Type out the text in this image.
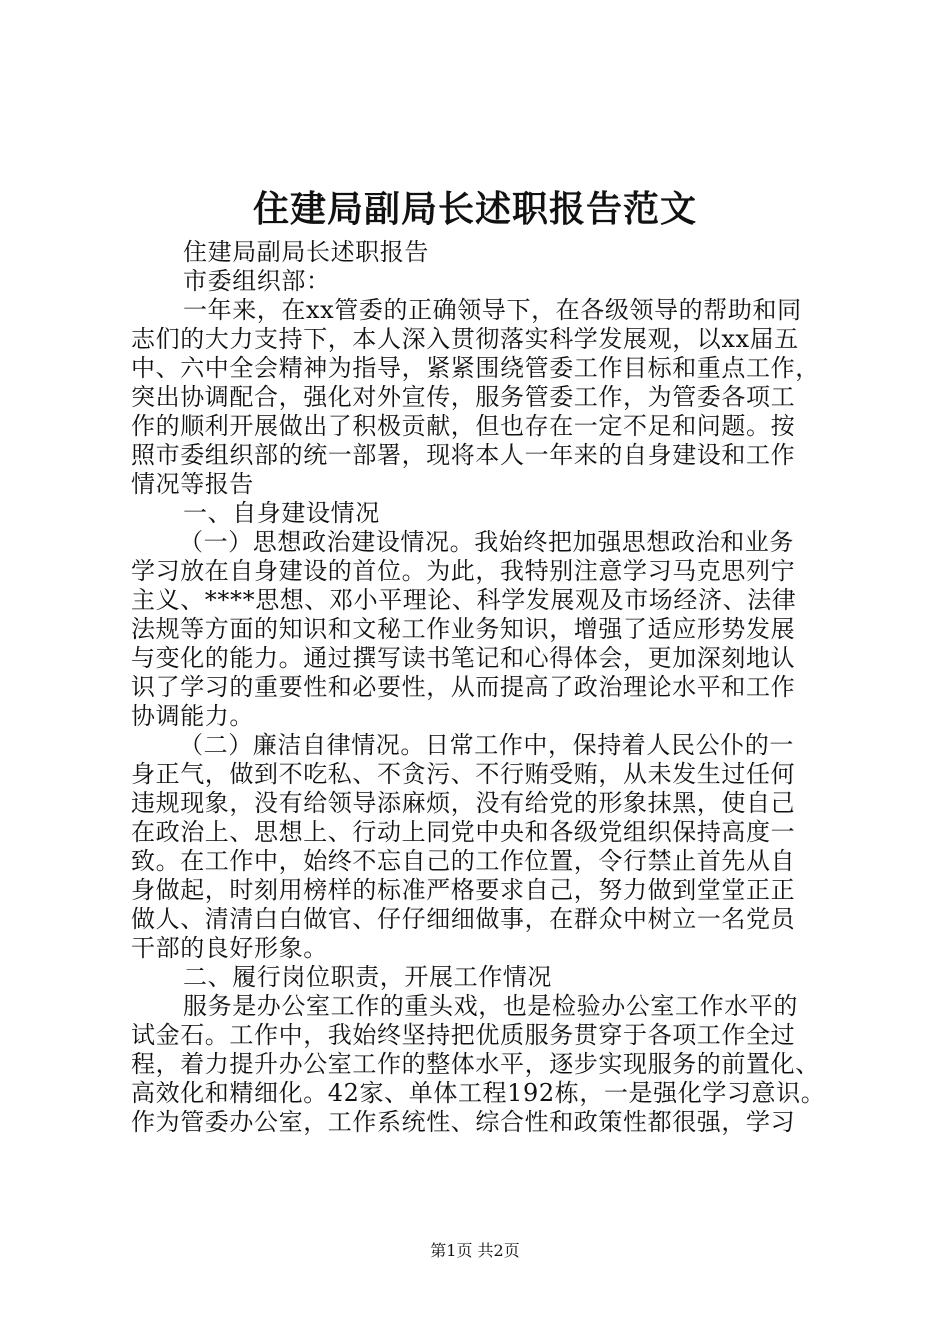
住建局副局长述职报告范文
住建局副局长述职报告
市委组织部：
一年来，在xx管委的正确领导下，在各级领导的帮助和同
志们的大力支持下，本人深入贯彻落实科学发展观，以xx届五
中、六中全会精神为指导，紧紧围绕管委工作目标和重点工作，
突出协调配合，强化对外宣传，服务管委工作，为管委各项工
作的顺利开展做出了积极贡献，但也存在一定不足和问题。按
照市委组织部的统一部署，现将本人一年来的自身建设和工作
情况等报告
一、自身建设情况
（一）思想政治建设情况。我始终把加强思想政治和业务
学习放在自身建设的首位。为此，我特别注意学习马克思列宁
主义、****思想、邓小平理论、科学发展观及市场经济、法律
法规等方面的知识和文秘工作业务知识，增强了适应形势发展
与变化的能力。通过撰写读书笔记和心得体会，更加深刻地认
识了学习的重要性和必要性，从而提高了政治理论水平和工作
协调能力。
（二）廉洁自律情况。日常工作中，保持着人民公仆的一
身正气，做到不吃私、不贪污、不行贿受贿，从未发生过任何
违规现象，没有给领导添麻烦，没有给党的形象抹黑，使自己
在政治上、思想上、行动上同党中央和各级党组织保持高度一
致。在工作中，始终不忘自己的工作位置，令行禁止首先从自
身做起，时刻用榜样的标准严格要求自己，努力做到堂堂正正
做人、清清白白做官、仔仔细细做事，在群众中树立一名党员
干部的良好形象。
二、履行岗位职责，开展工作情况
服务是办公室工作的重头戏，也是检验办公室工作水平的
试金石。工作中，我始终坚持把优质服务贯穿于各项工作全过
程，着力提升办公室工作的整体水平，逐步实现服务的前置化、
高效化和精细化。42家、单体工程192栋，一是强化学习意识。
作为管委办公室，工作系统性、综合性和政策性都很强，学习
第1页 共2页
